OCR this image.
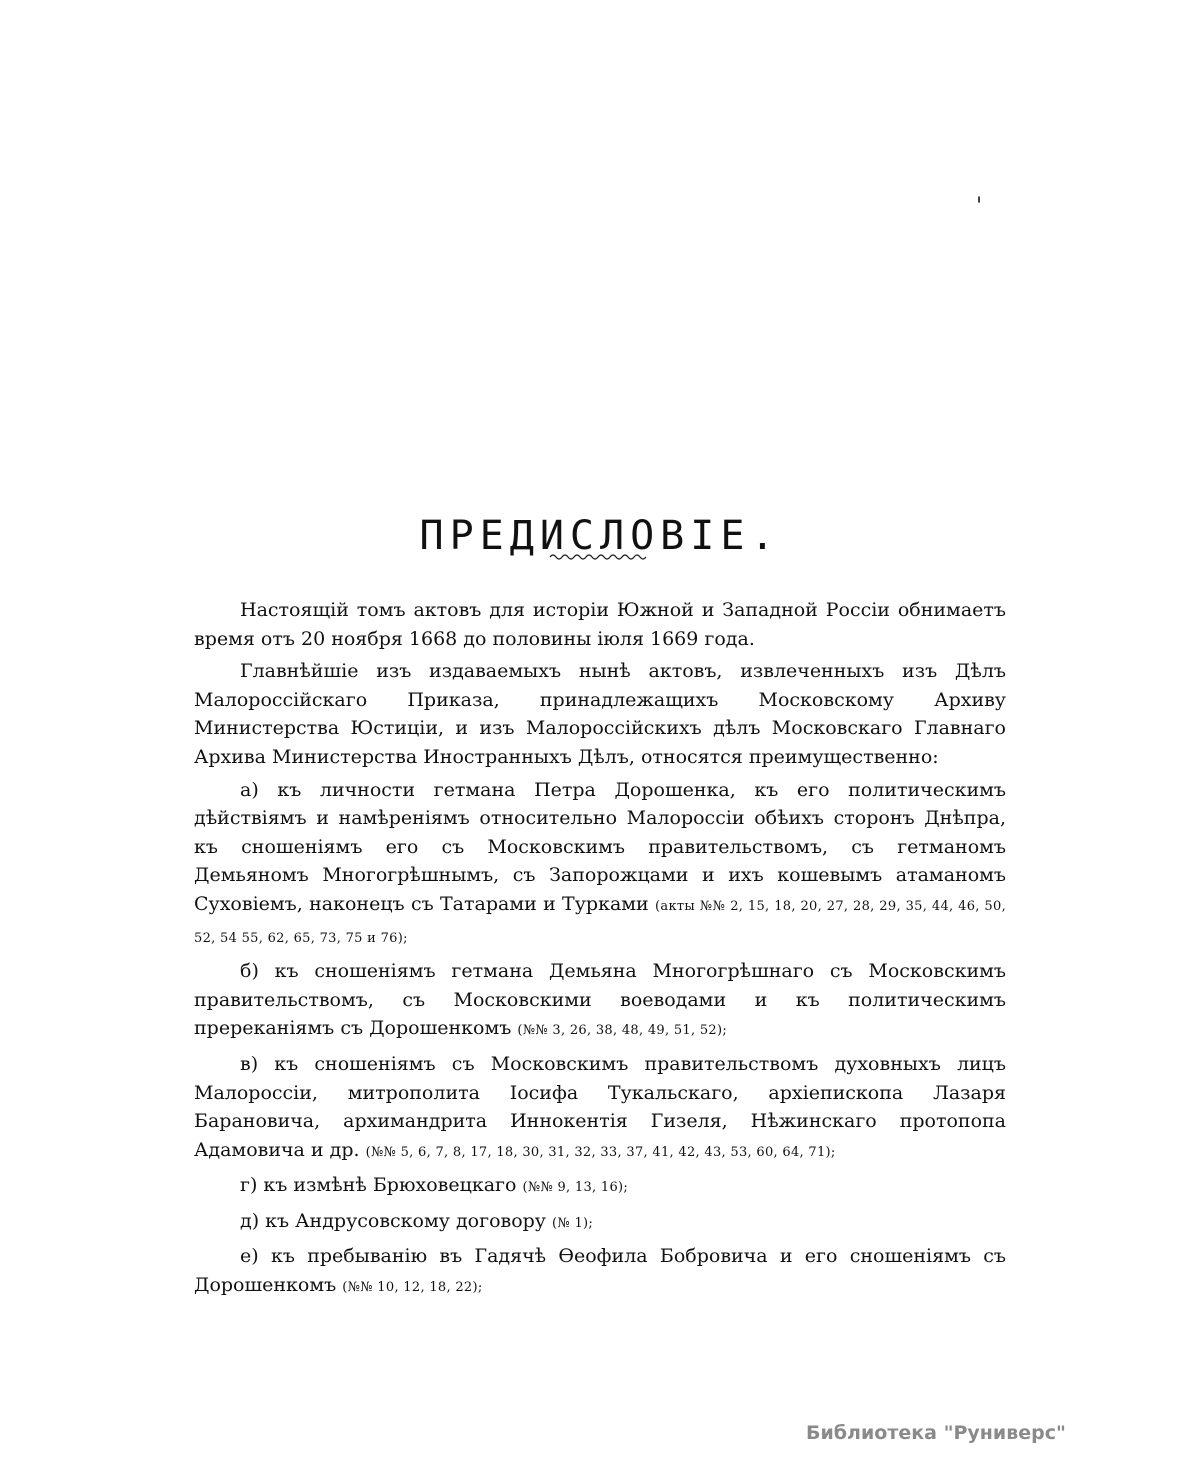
'
ПРЕДИСЛОВІЕ.

Настоящій томъ актовъ для исторіи Южной и Западной Россіи обнимаетъ время отъ 20 ноября 1668 до половины іюля 1669 года.

Главнѣйшіе изъ издаваемыхъ нынѣ актовъ, извлеченныхъ изъ Дѣлъ Малороссійскаго Приказа, принадлежащихъ Московскому Архиву Министерства Юстиціи, и изъ Малороссійскихъ дѣлъ Московскаго Главнаго Архива Министерства Иностранныхъ Дѣлъ, относятся преимущественно:

а) къ личности гетмана Петра Дорошенка, къ его политическимъ дѣйствіямъ и намѣреніямъ относительно Малороссіи обѣихъ сторонъ Днѣпра, къ сношеніямъ его съ Московскимъ правительствомъ, съ гетманомъ Демьяномъ Многогрѣшнымъ, съ Запорожцами и ихъ кошевымъ атаманомъ Суховіемъ, наконецъ съ Татарами и Турками (акты №№ 2, 15, 18, 20, 27, 28, 29, 35, 44, 46, 50, 52, 54 55, 62, 65, 73, 75 и 76);

б) къ сношеніямъ гетмана Демьяна Многогрѣшнаго съ Московскимъ правительствомъ, съ Московскими воеводами и къ политическимъ пререканіямъ съ Дорошенкомъ (№№ 3, 26, 38, 48, 49, 51, 52);

в) къ сношеніямъ съ Московскимъ правительствомъ духовныхъ лицъ Малороссіи, митрополита Іосифа Тукальскаго, архіепископа Лазаря Барановича, архимандрита Иннокентія Гизеля, Нѣжинскаго протопопа Адамовича и др. (№№ 5, 6, 7, 8, 17, 18, 30, 31, 32, 33, 37, 41, 42, 43, 53, 60, 64, 71);

г) къ измѣнѣ Брюховецкаго (№№ 9, 13, 16);

д) къ Андрусовскому договору (№ 1);

е) къ пребыванію въ Гадячѣ Ѳеофила Бобровича и его сношеніямъ съ Дорошенкомъ (№№ 10, 12, 18, 22);

Библиотека "Руниверс"
